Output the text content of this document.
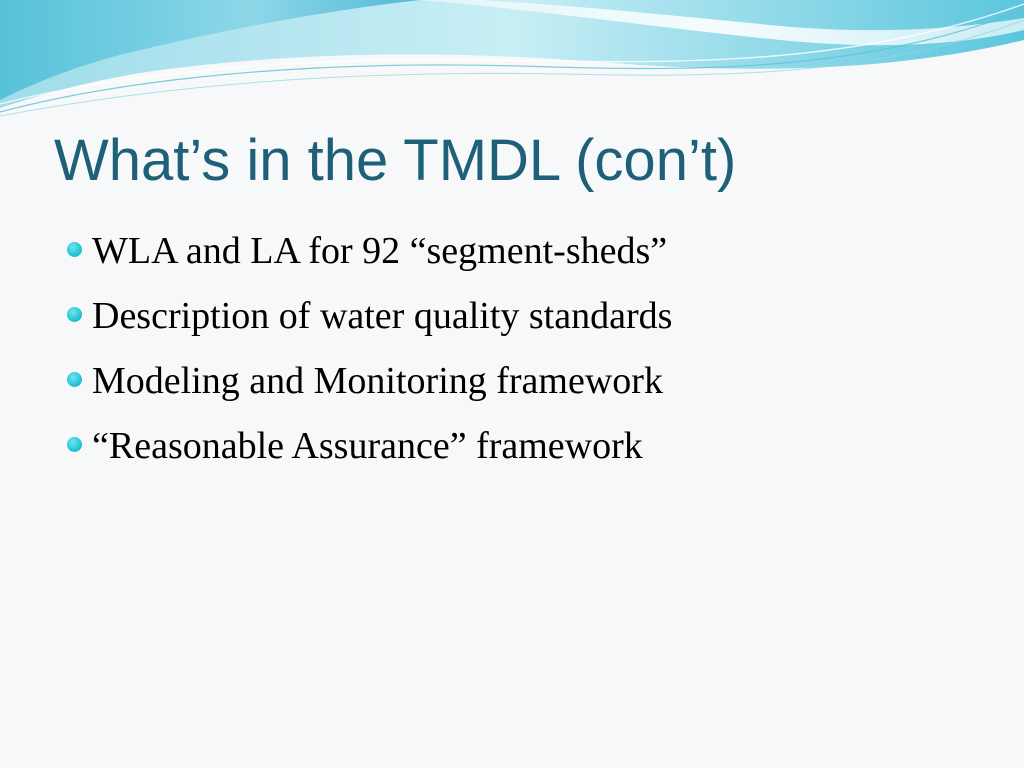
What’s in the TMDL (con’t)
WLA and LA for 92 “segment-sheds”
Description of water quality standards
Modeling and Monitoring framework
“Reasonable Assurance” framework
